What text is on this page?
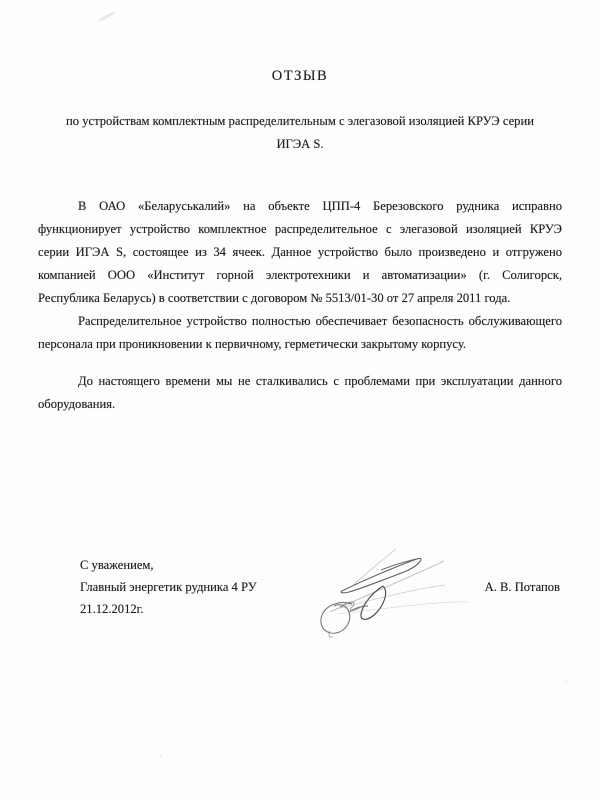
ОТЗЫВ
по устройствам комплектным распределительным с элегазовой изоляцией КРУЭ серии
ИГЭА S.
В ОАО «Беларуськалий» на объекте ЦПП-4 Березовского рудника исправно
функционирует устройство комплектное распределительное с элегазовой изоляцией КРУЭ
серии ИГЭА S, состоящее из 34 ячеек. Данное устройство было произведено и отгружено
компанией ООО «Институт горной электротехники и автоматизации» (г. Солигорск,
Республика Беларусь) в соответствии с договором № 5513/01-30 от 27 апреля 2011 года.
Распределительное устройство полностью обеспечивает безопасность обслуживающего
персонала при проникновении к первичному, герметически закрытому корпусу.
До настоящего времени мы не сталкивались с проблемами при эксплуатации данного
оборудования.
С уважением,
Главный энергетик рудника 4 РУ
21.12.2012г.
А. В. Потапов
